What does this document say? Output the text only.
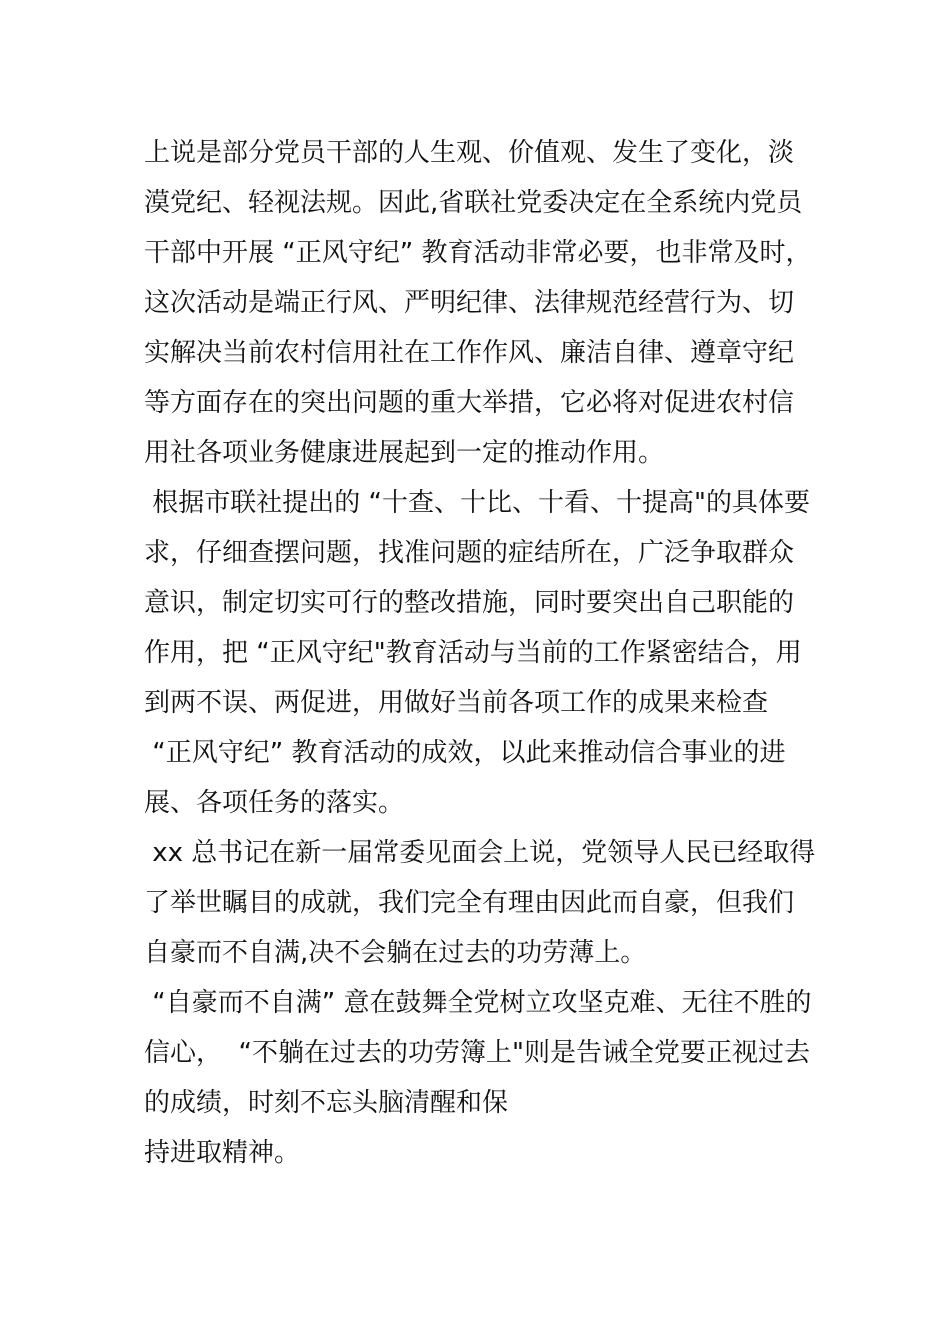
上说是部分党员干部的人生观、价值观、发生了变化，淡
漠党纪、轻视法规。因此,省联社党委决定在全系统内党员
干部中开展 “正风守纪” 教育活动非常必要，也非常及时，
这次活动是端正行风、严明纪律、法律规范经营行为、切
实解决当前农村信用社在工作作风、廉洁自律、遵章守纪
等方面存在的突出问题的重大举措，它必将对促进农村信
用社各项业务健康进展起到一定的推动作用。
根据市联社提出的 “十查、十比、十看、十提高"的具体要
求，仔细查摆问题，找准问题的症结所在，广泛争取群众
意识，制定切实可行的整改措施，同时要突出自己职能的
作用，把 “正风守纪"教育活动与当前的工作紧密结合，用
到两不误、两促进，用做好当前各项工作的成果来检查
“正风守纪” 教育活动的成效，以此来推动信合事业的进
展、各项任务的落实。
xx 总书记在新一届常委见面会上说，党领导人民已经取得
了举世瞩目的成就，我们完全有理由因此而自豪，但我们
自豪而不自满,决不会躺在过去的功劳薄上。
“自豪而不自满” 意在鼓舞全党树立攻坚克难、无往不胜的
信心，  “不躺在过去的功劳簿上"则是告诫全党要正视过去
的成绩，时刻不忘头脑清醒和保
持进取精神。
